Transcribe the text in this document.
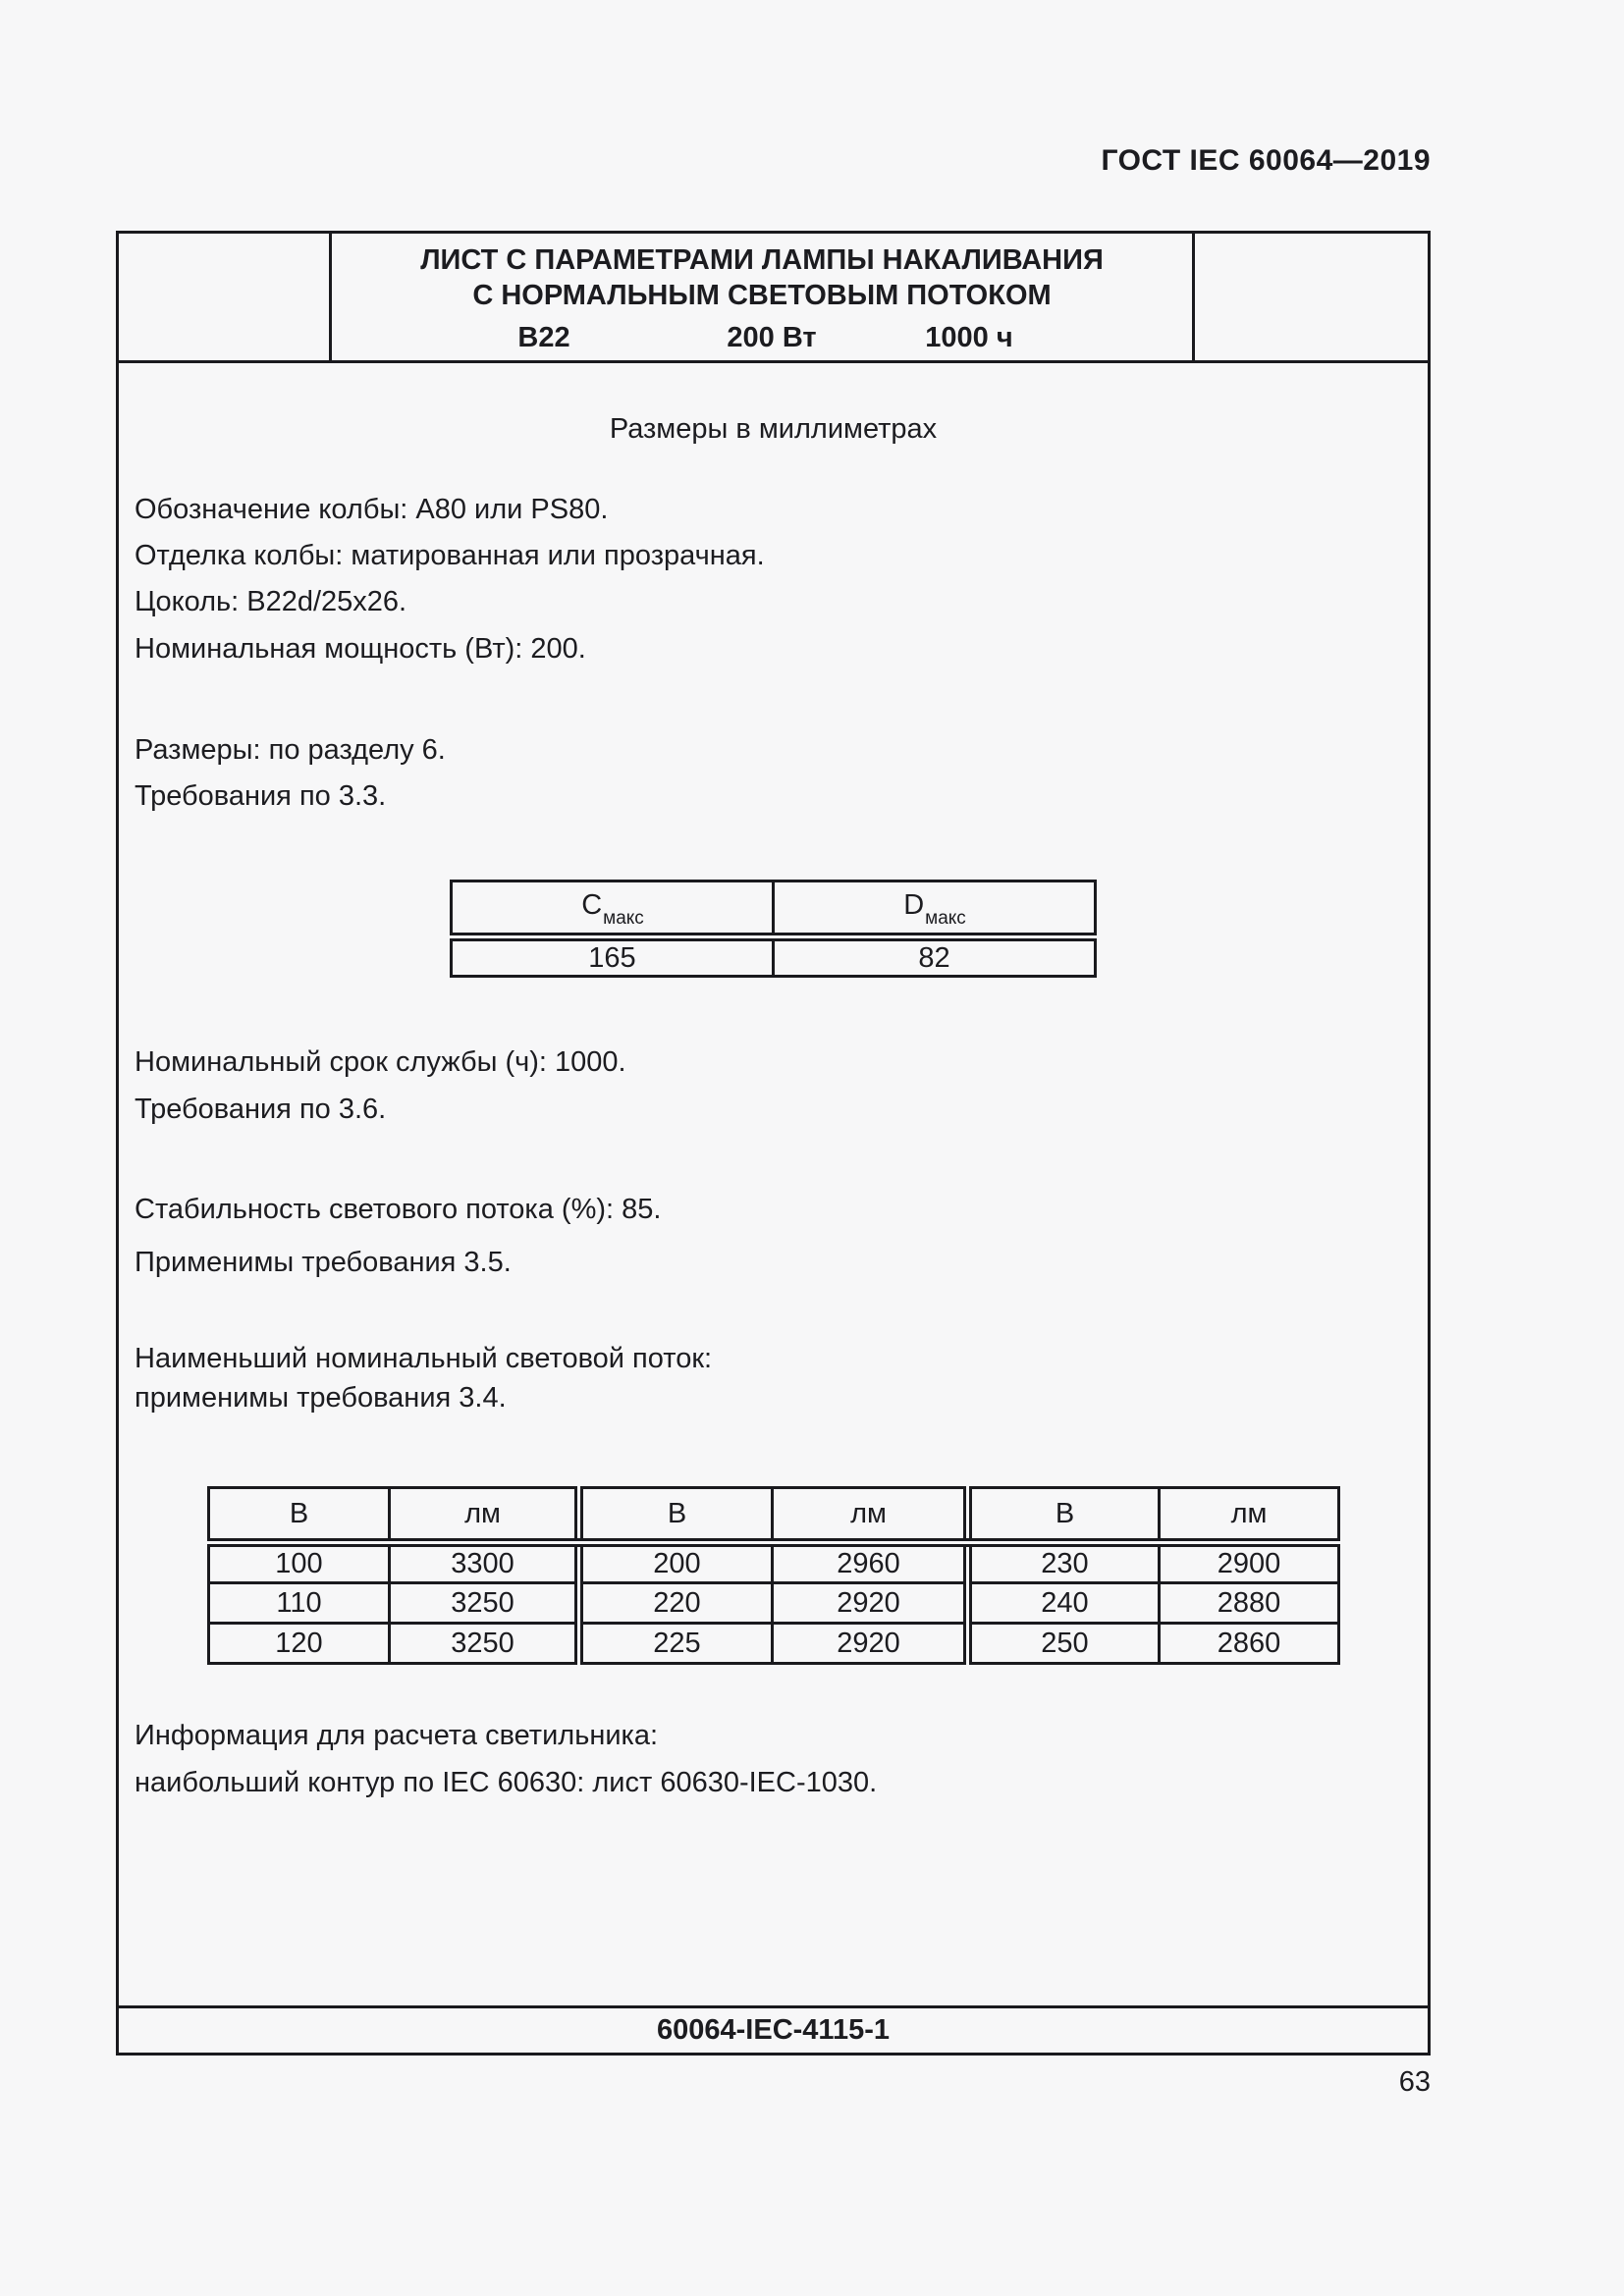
ГОСТ IEC 60064—2019
ЛИСТ С ПАРАМЕТРАМИ ЛАМПЫ НАКАЛИВАНИЯ
С НОРМАЛЬНЫМ СВЕТОВЫМ ПОТОКОМ
B22	200 Вт	1000 ч
Размеры в миллиметрах
Обозначение колбы: А80 или PS80.
Отделка колбы: матированная или прозрачная.
Цоколь: B22d/25x26.
Номинальная мощность (Вт): 200.
Размеры: по разделу 6.
Требования по 3.3.
$C_{макс}$	$D_{макс}$
165	82
Номинальный срок службы (ч): 1000.
Требования по 3.6.
Стабильность светового потока (%): 85.
Применимы требования 3.5.
Наименьший номинальный световой поток:
применимы требования 3.4.
В	лм	В	лм	В	лм
100	3300	200	2960	230	2900
110	3250	220	2920	240	2880
120	3250	225	2920	250	2860
Информация для расчета светильника:
наибольший контур по IEC 60630: лист 60630-IEC-1030.
60064-IEC-4115-1
63
